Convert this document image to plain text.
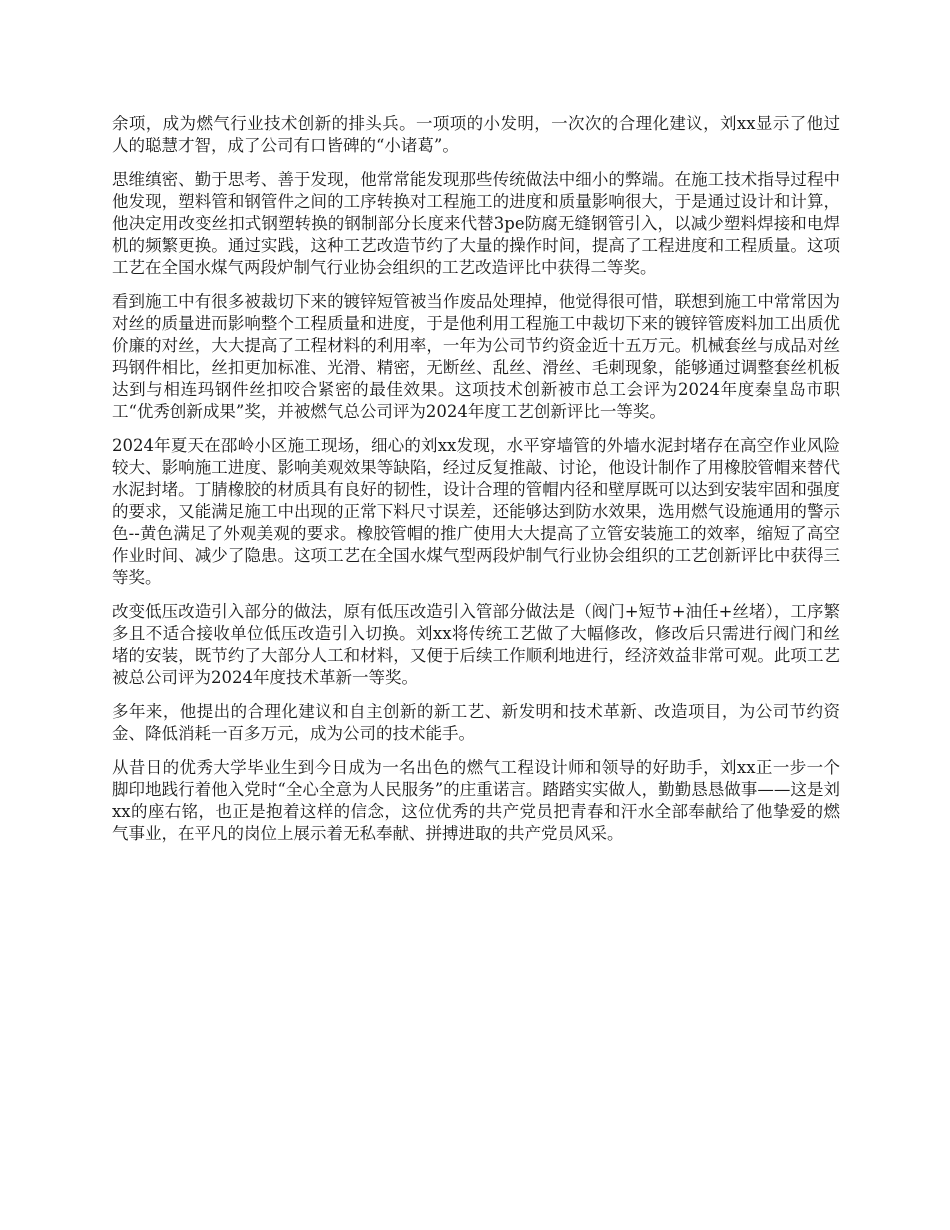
余项，成为燃气行业技术创新的排头兵。一项项的小发明，一次次的合理化建议，刘xx显示了他过人的聪慧才智，成了公司有口皆碑的“小诸葛”。

思维缜密、勤于思考、善于发现，他常常能发现那些传统做法中细小的弊端。在施工技术指导过程中他发现，塑料管和钢管件之间的工序转换对工程施工的进度和质量影响很大，于是通过设计和计算，他决定用改变丝扣式钢塑转换的钢制部分长度来代替3pe防腐无缝钢管引入，以减少塑料焊接和电焊机的频繁更换。通过实践，这种工艺改造节约了大量的操作时间，提高了工程进度和工程质量。这项工艺在全国水煤气两段炉制气行业协会组织的工艺改造评比中获得二等奖。

看到施工中有很多被裁切下来的镀锌短管被当作废品处理掉，他觉得很可惜，联想到施工中常常因为对丝的质量进而影响整个工程质量和进度，于是他利用工程施工中裁切下来的镀锌管废料加工出质优价廉的对丝，大大提高了工程材料的利用率，一年为公司节约资金近十五万元。机械套丝与成品对丝玛钢件相比，丝扣更加标准、光滑、精密，无断丝、乱丝、滑丝、毛刺现象，能够通过调整套丝机板达到与相连玛钢件丝扣咬合紧密的最佳效果。这项技术创新被市总工会评为2024年度秦皇岛市职工“优秀创新成果”奖，并被燃气总公司评为2024年度工艺创新评比一等奖。

2024年夏天在邵岭小区施工现场，细心的刘xx发现，水平穿墙管的外墙水泥封堵存在高空作业风险较大、影响施工进度、影响美观效果等缺陷，经过反复推敲、讨论，他设计制作了用橡胶管帽来替代水泥封堵。丁腈橡胶的材质具有良好的韧性，设计合理的管帽内径和壁厚既可以达到安装牢固和强度的要求，又能满足施工中出现的正常下料尺寸误差，还能够达到防水效果，选用燃气设施通用的警示色--黄色满足了外观美观的要求。橡胶管帽的推广使用大大提高了立管安装施工的效率，缩短了高空作业时间、减少了隐患。这项工艺在全国水煤气型两段炉制气行业协会组织的工艺创新评比中获得三等奖。

改变低压改造引入部分的做法，原有低压改造引入管部分做法是（阀门+短节+油任+丝堵），工序繁多且不适合接收单位低压改造引入切换。刘xx将传统工艺做了大幅修改，修改后只需进行阀门和丝堵的安装，既节约了大部分人工和材料，又便于后续工作顺利地进行，经济效益非常可观。此项工艺被总公司评为2024年度技术革新一等奖。

多年来，他提出的合理化建议和自主创新的新工艺、新发明和技术革新、改造项目，为公司节约资金、降低消耗一百多万元，成为公司的技术能手。

从昔日的优秀大学毕业生到今日成为一名出色的燃气工程设计师和领导的好助手，刘xx正一步一个脚印地践行着他入党时“全心全意为人民服务”的庄重诺言。踏踏实实做人，勤勤恳恳做事——这是刘xx的座右铭，也正是抱着这样的信念，这位优秀的共产党员把青春和汗水全部奉献给了他挚爱的燃气事业，在平凡的岗位上展示着无私奉献、拼搏进取的共产党员风采。
